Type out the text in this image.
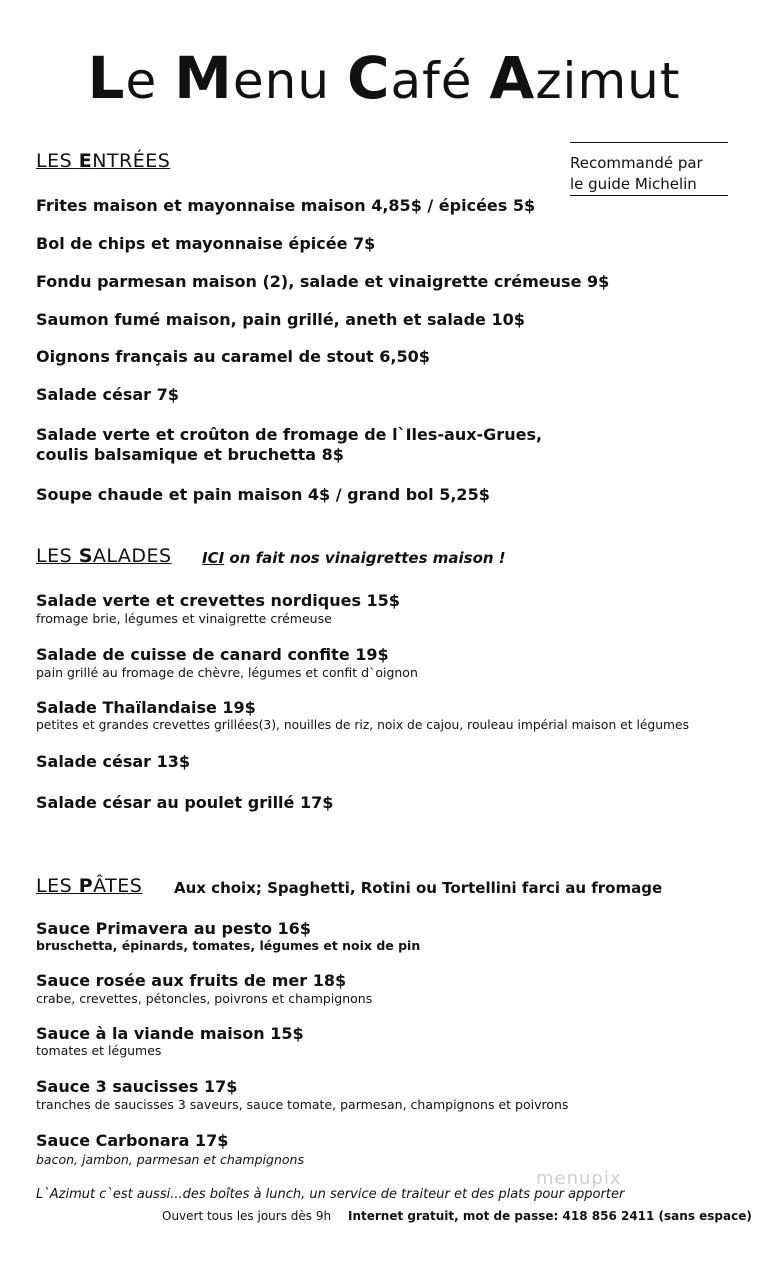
Le Menu Café Azimut
Recommandé par

le guide Michelin
LES ENTRÉES
Frites maison et mayonnaise maison 4,85$ / épicées 5$
Bol de chips et mayonnaise épicée 7$
Fondu parmesan maison (2), salade et vinaigrette crémeuse 9$
Saumon fumé maison, pain grillé, aneth et salade 10$
Oignons français au caramel de stout 6,50$
Salade césar 7$
Salade verte et croûton de fromage de l`Iles-aux-Grues,
coulis balsamique et bruchetta 8$
Soupe chaude et pain maison 4$ / grand bol 5,25$
LES SALADES ICI on fait nos vinaigrettes maison !
Salade verte et crevettes nordiques 15$
fromage brie, légumes et vinaigrette crémeuse
Salade de cuisse de canard confite 19$
pain grillé au fromage de chèvre, légumes et confit d`oignon
Salade Thaïlandaise 19$
petites et grandes crevettes grillées(3), nouilles de riz, noix de cajou, rouleau impérial maison et légumes
Salade césar 13$
Salade césar au poulet grillé 17$
LES PÂTES Aux choix; Spaghetti, Rotini ou Tortellini farci au fromage
Sauce Primavera au pesto 16$
bruschetta, épinards, tomates, légumes et noix de pin
Sauce rosée aux fruits de mer 18$
crabe, crevettes, pétoncles, poivrons et champignons
Sauce à la viande maison 15$
tomates et légumes
Sauce 3 saucisses 17$
tranches de saucisses 3 saveurs, sauce tomate, parmesan, champignons et poivrons
Sauce Carbonara 17$
bacon, jambon, parmesan et champignons
menupix
L`Azimut c`est aussi...des boîtes à lunch, un service de traiteur et des plats pour apporter
Ouvert tous les jours dès 9h Internet gratuit, mot de passe: 418 856 2411 (sans espace)
